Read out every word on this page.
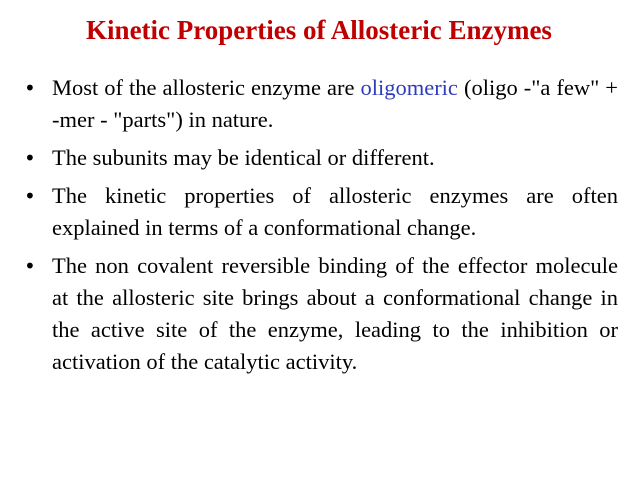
Kinetic Properties of Allosteric Enzymes
• Most of the allosteric enzyme are oligomeric (oligo -"a few" + -mer - "parts") in nature.
• The subunits may be identical or different.
• The kinetic properties of allosteric enzymes are often explained in terms of a conformational change.
• The non covalent reversible binding of the effector molecule at the allosteric site brings about a conformational change in the active site of the enzyme, leading to the inhibition or activation of the catalytic activity.
